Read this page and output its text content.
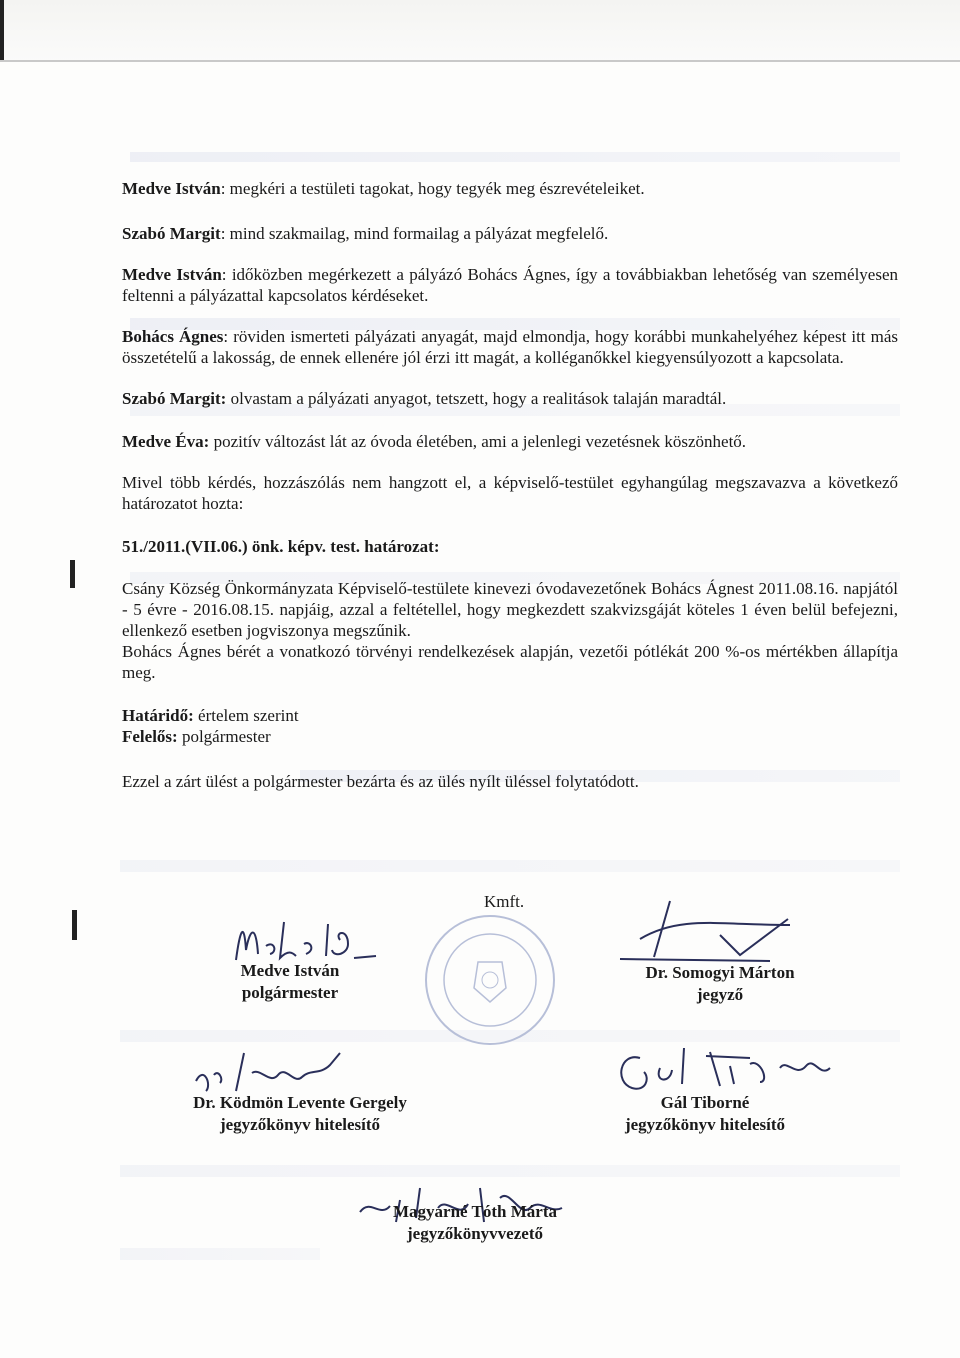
Medve István: megkéri a testületi tagokat, hogy tegyék meg észrevételeiket.

Szabó Margit: mind szakmailag, mind formailag a pályázat megfelelő.

Medve István: időközben megérkezett a pályázó Bohács Ágnes, így a továbbiakban lehetőség van személyesen feltenni a pályázattal kapcsolatos kérdéseket.

Bohács Ágnes: röviden ismerteti pályázati anyagát, majd elmondja, hogy korábbi munkahelyéhez képest itt más összetételű a lakosság, de ennek ellenére jól érzi itt magát, a kolléganőkkel kiegyensúlyozott a kapcsolata.

Szabó Margit: olvastam a pályázati anyagot, tetszett, hogy a realitások talaján maradtál.

Medve Éva: pozitív változást lát az óvoda életében, ami a jelenlegi vezetésnek köszönhető.

Mivel több kérdés, hozzászólás nem hangzott el, a képviselő-testület egyhangúlag megszavazva a következő határozatot hozta:

51./2011.(VII.06.) önk. képv. test. határozat:

Csány Község Önkormányzata Képviselő-testülete kinevezi óvodavezetőnek Bohács Ágnest 2011.08.16. napjától - 5 évre - 2016.08.15. napjáig, azzal a feltétellel, hogy megkezdett szakvizsgáját köteles 1 éven belül befejezni, ellenkező esetben jogviszonya megszűnik.

Bohács Ágnes bérét a vonatkozó törvényi rendelkezések alapján, vezetői pótlékát 200 %-os mértékben állapítja meg.

Határidő: értelem szerint

Felelős: polgármester

Ezzel a zárt ülést a polgármester bezárta és az ülés nyílt üléssel folytatódott.

Kmft.
Medve István
polgármester
Dr. Somogyi Márton
jegyző
Dr. Ködmön Levente Gergely
jegyzőkönyv hitelesítő
Gál Tiborné
jegyzőkönyv hitelesítő
Magyarné Tóth Márta
jegyzőkönyvvezető
